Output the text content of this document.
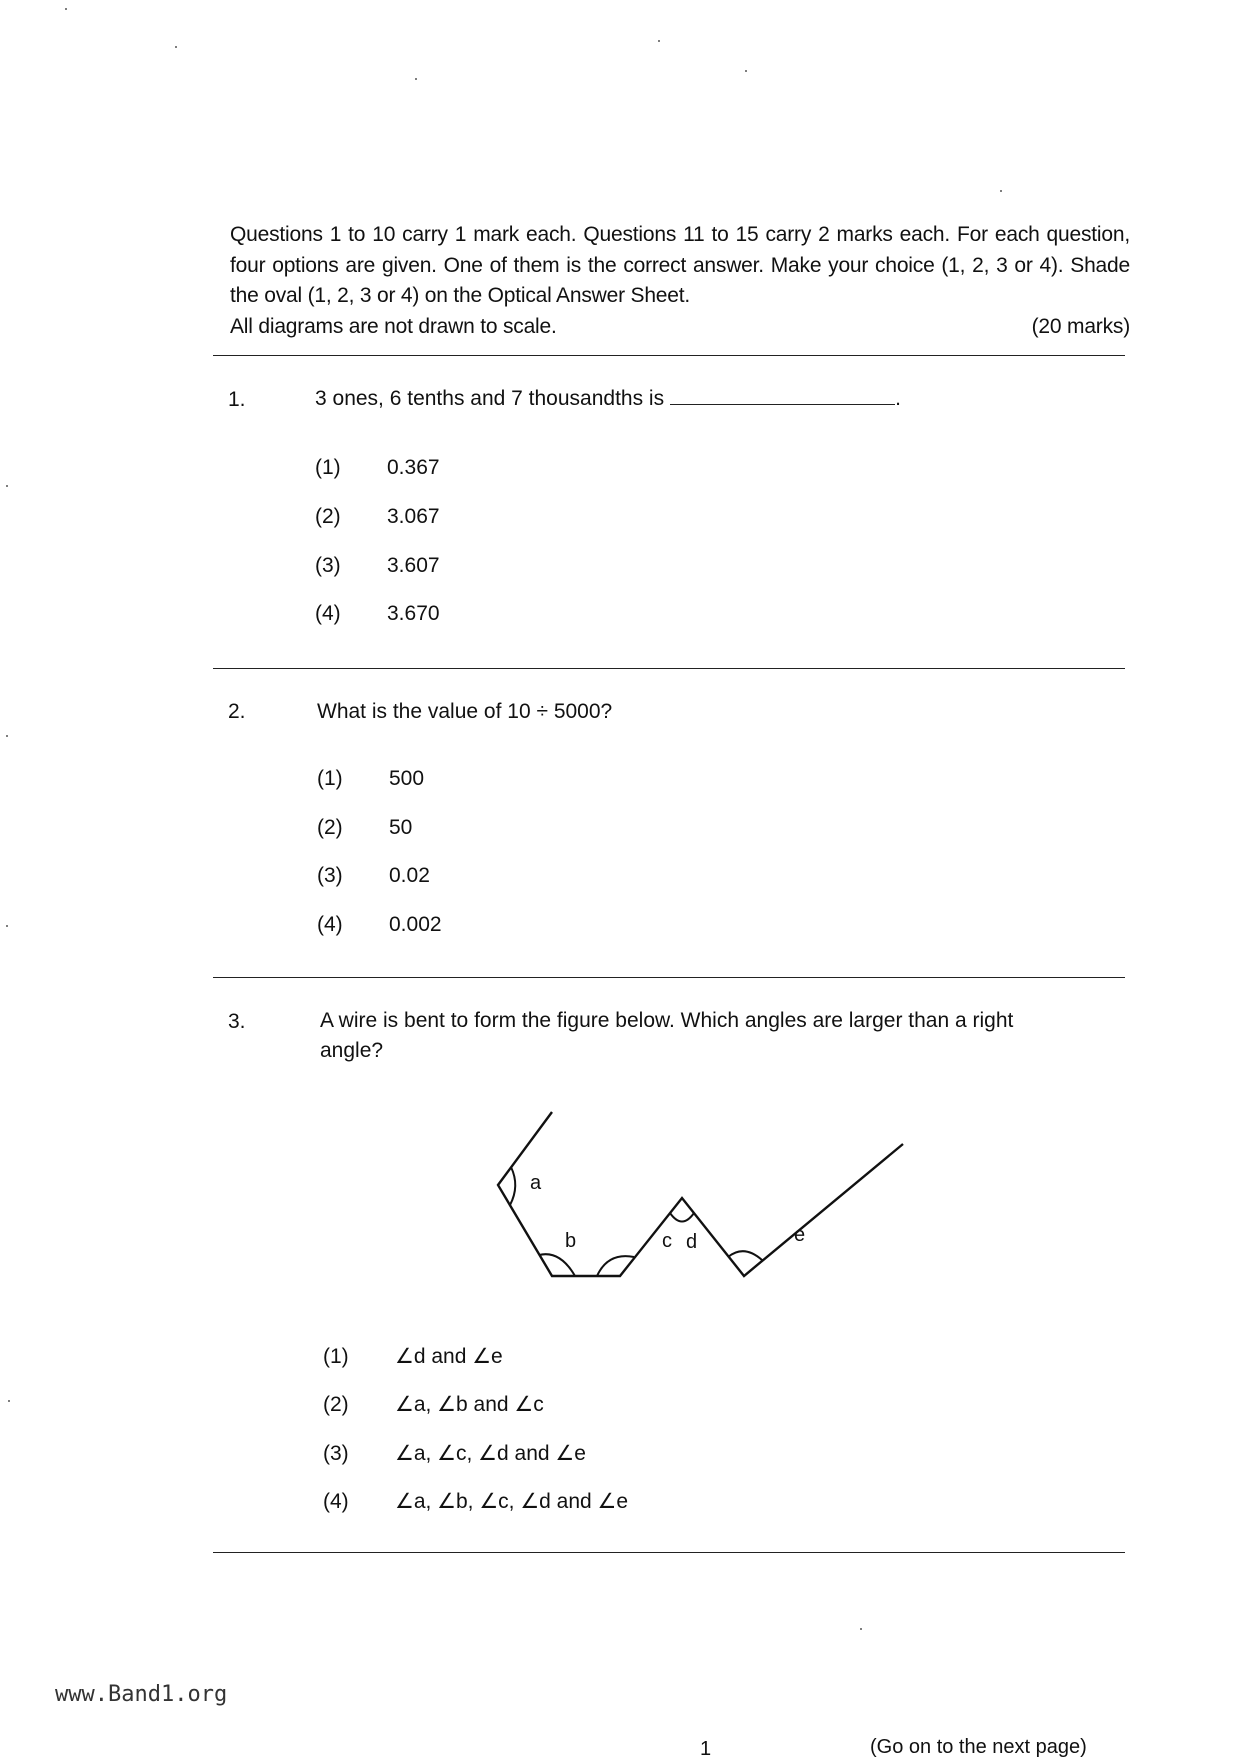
Questions 1 to 10 carry 1 mark each. Questions 11 to 15 carry 2 marks each. For each question, four options are given. One of them is the correct answer. Make your choice (1, 2, 3 or 4). Shade the oval (1, 2, 3 or 4) on the Optical Answer Sheet.
All diagrams are not drawn to scale.	(20 marks)
1.	3 ones, 6 tenths and 7 thousandths is	.
(1) 0.367
(2) 3.067
(3) 3.607
(4) 3.670
2.	What is the value of 10 ÷ 5000?
(1) 500
(2) 50
(3) 0.02
(4) 0.002
3.	A wire is bent to form the figure below. Which angles are larger than a right
angle?
a
b	c d	e
(1) ∠d and ∠e
(2) ∠a, ∠b and ∠c
(3) ∠a, ∠c, ∠d and ∠e
(4) ∠a, ∠b, ∠c, ∠d and ∠e
www.Band1.org
1	(Go on to the next page)
